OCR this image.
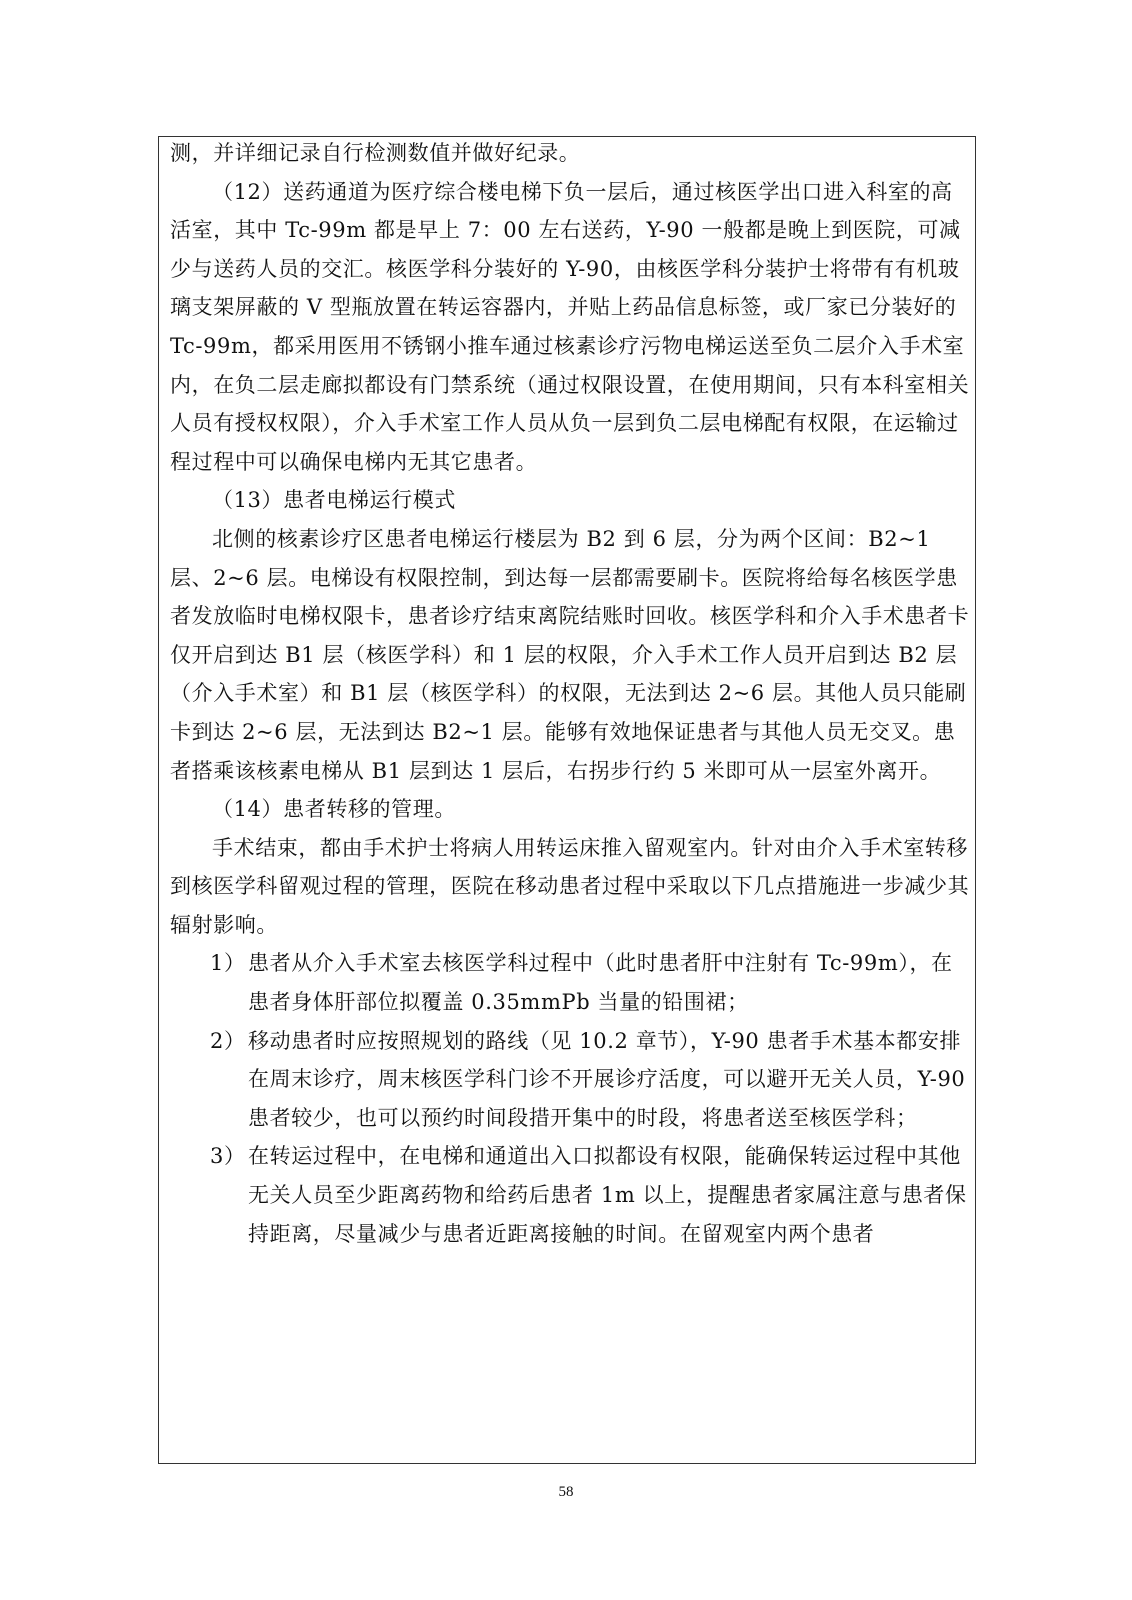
测，并详细记录自行检测数值并做好纪录。

（12）送药通道为医疗综合楼电梯下负一层后，通过核医学出口进入科室的高活室，其中 Tc-99m 都是早上 7：00 左右送药，Y-90 一般都是晚上到医院，可减少与送药人员的交汇。核医学科分装好的 Y-90，由核医学科分装护士将带有有机玻璃支架屏蔽的 V 型瓶放置在转运容器内，并贴上药品信息标签，或厂家已分装好的 Tc-99m，都采用医用不锈钢小推车通过核素诊疗污物电梯运送至负二层介入手术室内，在负二层走廊拟都设有门禁系统（通过权限设置，在使用期间，只有本科室相关人员有授权权限），介入手术室工作人员从负一层到负二层电梯配有权限，在运输过程过程中可以确保电梯内无其它患者。

（13）患者电梯运行模式

北侧的核素诊疗区患者电梯运行楼层为 B2 到 6 层，分为两个区间：B2~1 层、2~6 层。电梯设有权限控制，到达每一层都需要刷卡。医院将给每名核医学患者发放临时电梯权限卡，患者诊疗结束离院结账时回收。核医学科和介入手术患者卡仅开启到达 B1 层（核医学科）和 1 层的权限，介入手术工作人员开启到达 B2 层（介入手术室）和 B1 层（核医学科）的权限，无法到达 2~6 层。其他人员只能刷卡到达 2~6 层，无法到达 B2~1 层。能够有效地保证患者与其他人员无交叉。患者搭乘该核素电梯从 B1 层到达 1 层后，右拐步行约 5 米即可从一层室外离开。

（14）患者转移的管理。

手术结束，都由手术护士将病人用转运床推入留观室内。针对由介入手术室转移到核医学科留观过程的管理，医院在移动患者过程中采取以下几点措施进一步减少其辐射影响。

1） 患者从介入手术室去核医学科过程中（此时患者肝中注射有 Tc-99m），在患者身体肝部位拟覆盖 0.35mmPb 当量的铅围裙；
2） 移动患者时应按照规划的路线（见 10.2 章节），Y-90 患者手术基本都安排在周末诊疗，周末核医学科门诊不开展诊疗活度，可以避开无关人员，Y-90 患者较少，也可以预约时间段措开集中的时段，将患者送至核医学科；
3） 在转运过程中，在电梯和通道出入口拟都设有权限，能确保转运过程中其他无关人员至少距离药物和给药后患者 1m 以上，提醒患者家属注意与患者保持距离，尽量减少与患者近距离接触的时间。在留观室内两个患者
58
